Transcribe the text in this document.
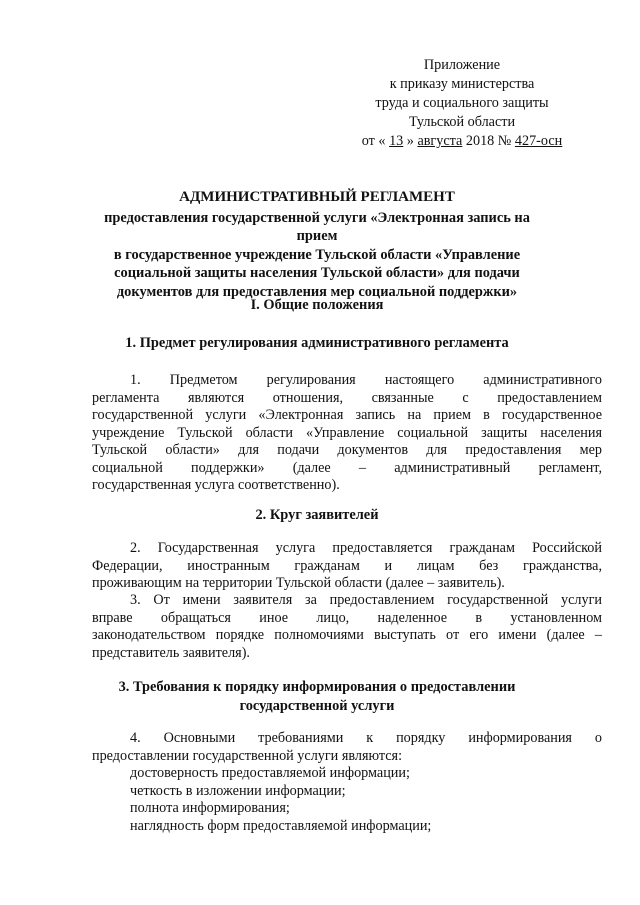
Приложение
к приказу министерства
труда и социального защиты
Тульской области
от « 13 » августа 2018 № 427-осн
АДМИНИСТРАТИВНЫЙ РЕГЛАМЕНТ
предоставления государственной услуги «Электронная запись на прием
в государственное учреждение Тульской области «Управление
социальной защиты населения Тульской области» для подачи
документов для предоставления мер социальной поддержки»
I. Общие положения
1. Предмет регулирования административного регламента
1. Предметом регулирования настоящего административного
регламента являются отношения, связанные с предоставлением
государственной услуги «Электронная запись на прием в государственное
учреждение Тульской области «Управление социальной защиты населения
Тульской области» для подачи документов для предоставления мер
социальной поддержки» (далее – административный регламент,
государственная услуга соответственно).
2. Круг заявителей
2. Государственная услуга предоставляется гражданам Российской
Федерации, иностранным гражданам и лицам без гражданства,
проживающим на территории Тульской области (далее – заявитель).
3. От имени заявителя за предоставлением государственной услуги
вправе обращаться иное лицо, наделенное в установленном
законодательством порядке полномочиями выступать от его имени (далее –
представитель заявителя).
3. Требования к порядку информирования о предоставлении
государственной услуги
4. Основными требованиями к порядку информирования о
предоставлении государственной услуги являются:
достоверность предоставляемой информации;
четкость в изложении информации;
полнота информирования;
наглядность форм предоставляемой информации;
